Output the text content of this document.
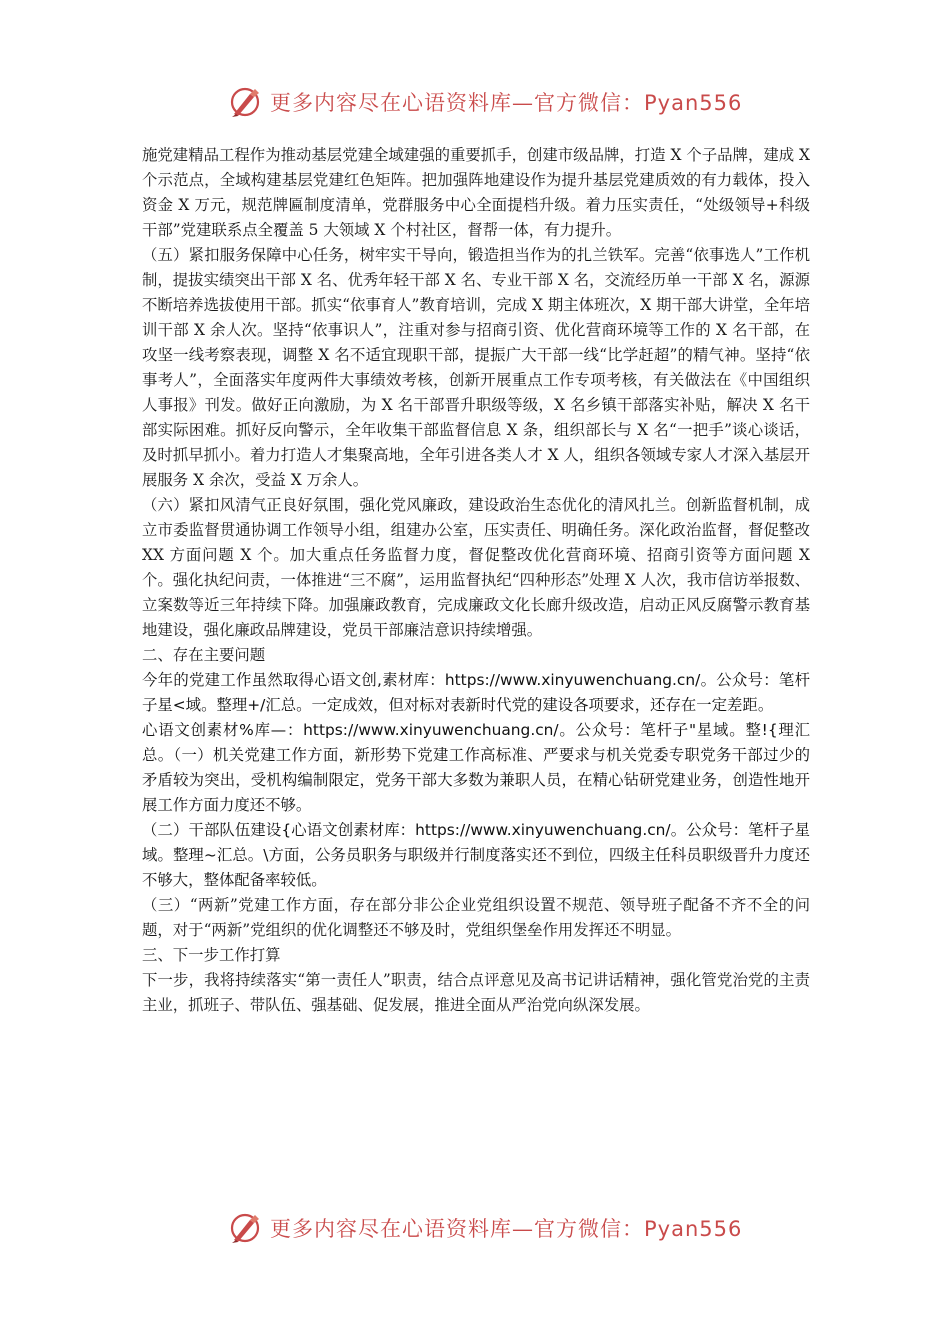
更多内容尽在心语资料库—官方微信：Pyan556

施党建精品工程作为推动基层党建全域建强的重要抓手，创建市级品牌，打造 X 个子品牌，建成 X 个示范点，全域构建基层党建红色矩阵。把加强阵地建设作为提升基层党建质效的有力载体，投入资金 X 万元，规范牌匾制度清单，党群服务中心全面提档升级。着力压实责任，“处级领导+科级干部”党建联系点全覆盖 5 大领域 X 个村社区，督帮一体，有力提升。

（五）紧扣服务保障中心任务，树牢实干导向，锻造担当作为的扎兰铁军。完善“依事选人”工作机制，提拔实绩突出干部 X 名、优秀年轻干部 X 名、专业干部 X 名，交流经历单一干部 X 名，源源不断培养选拔使用干部。抓实“依事育人”教育培训，完成 X 期主体班次，X 期干部大讲堂，全年培训干部 X 余人次。坚持“依事识人”，注重对参与招商引资、优化营商环境等工作的 X 名干部，在攻坚一线考察表现，调整 X 名不适宜现职干部，提振广大干部一线“比学赶超”的精气神。坚持“依事考人”，全面落实年度两件大事绩效考核，创新开展重点工作专项考核，有关做法在《中国组织人事报》刊发。做好正向激励，为 X 名干部晋升职级等级，X 名乡镇干部落实补贴，解决 X 名干部实际困难。抓好反向警示，全年收集干部监督信息 X 条，组织部长与 X 名“一把手”谈心谈话，及时抓早抓小。着力打造人才集聚高地，全年引进各类人才 X 人，组织各领域专家人才深入基层开展服务 X 余次，受益 X 万余人。

（六）紧扣风清气正良好氛围，强化党风廉政，建设政治生态优化的清风扎兰。创新监督机制，成立市委监督贯通协调工作领导小组，组建办公室，压实责任、明确任务。深化政治监督，督促整改 XX 方面问题 X 个。加大重点任务监督力度，督促整改优化营商环境、招商引资等方面问题 X 个。强化执纪问责，一体推进“三不腐”，运用监督执纪“四种形态”处理 X 人次，我市信访举报数、立案数等近三年持续下降。加强廉政教育，完成廉政文化长廊升级改造，启动正风反腐警示教育基地建设，强化廉政品牌建设，党员干部廉洁意识持续增强。

二、存在主要问题

今年的党建工作虽然取得心语文创,素材库：https://www.xinyuwenchuang.cn/。公众号：笔杆子星<域。整理+/汇总。一定成效，但对标对表新时代党的建设各项要求，还存在一定差距。

心语文创素材%库—：https://www.xinyuwenchuang.cn/。公众号：笔杆子"星域。整!{理汇总。（一）机关党建工作方面，新形势下党建工作高标准、严要求与机关党委专职党务干部过少的矛盾较为突出，受机构编制限定，党务干部大多数为兼职人员，在精心钻研党建业务，创造性地开展工作方面力度还不够。

（二）干部队伍建设{心语文创素材库：https://www.xinyuwenchuang.cn/。公众号：笔杆子星域。整理~汇总。\方面，公务员职务与职级并行制度落实还不到位，四级主任科员职级晋升力度还不够大，整体配备率较低。

（三）“两新”党建工作方面，存在部分非公企业党组织设置不规范、领导班子配备不齐不全的问题，对于“两新”党组织的优化调整还不够及时，党组织堡垒作用发挥还不明显。

三、下一步工作打算

下一步，我将持续落实“第一责任人”职责，结合点评意见及高书记讲话精神，强化管党治党的主责主业，抓班子、带队伍、强基础、促发展，推进全面从严治党向纵深发展。

更多内容尽在心语资料库—官方微信：Pyan556
